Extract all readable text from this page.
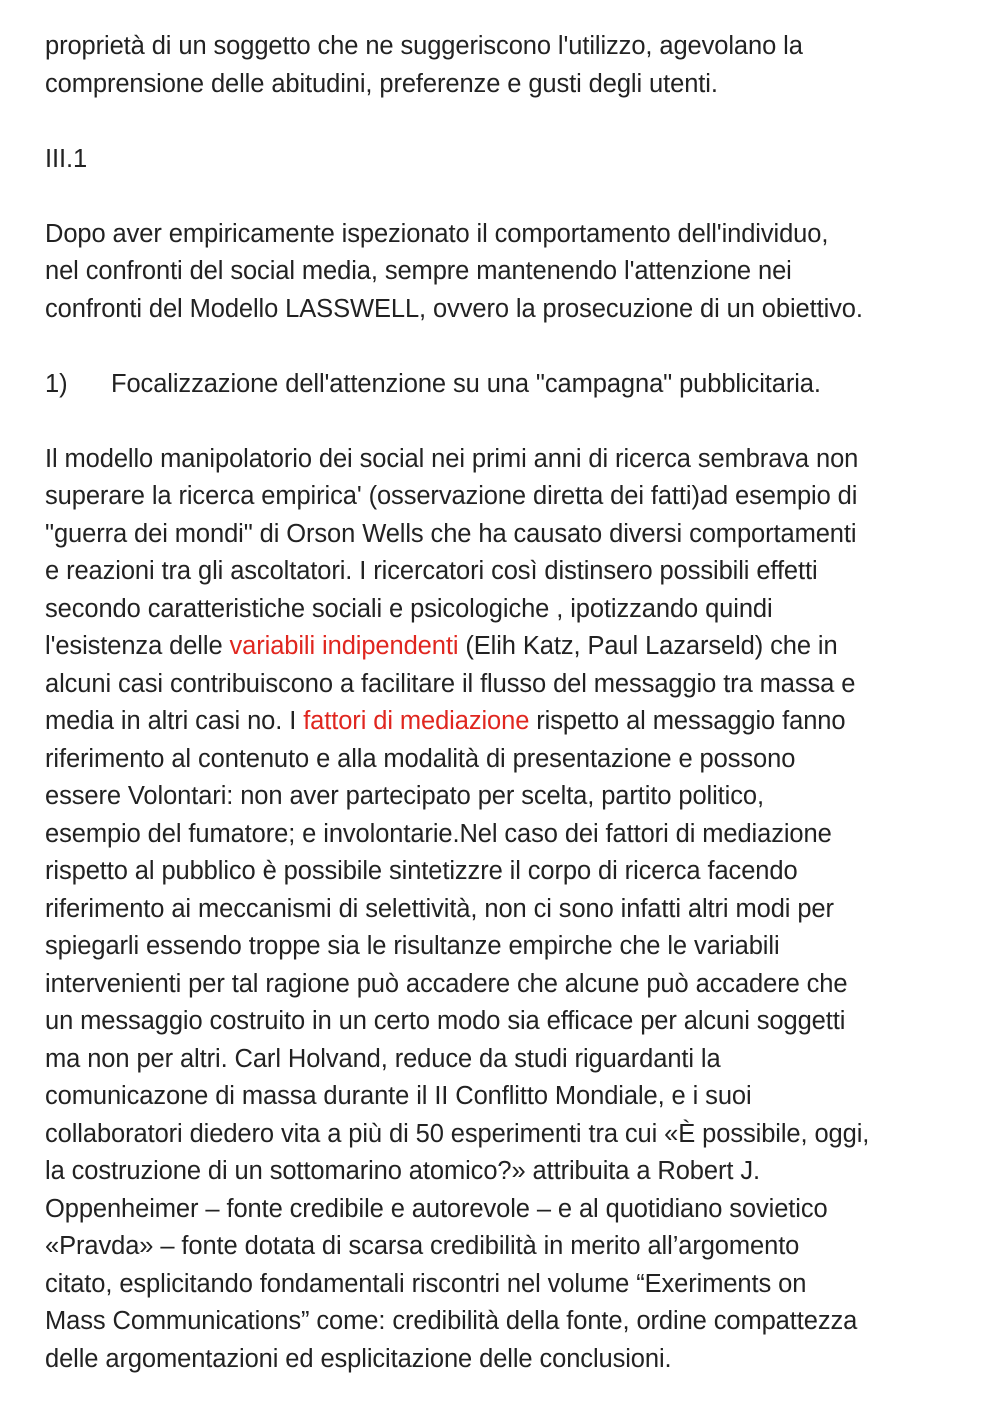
proprietà di un soggetto che ne suggeriscono l'utilizzo, agevolano la
comprensione delle abitudini, preferenze e gusti degli utenti.

III.1

Dopo aver empiricamente ispezionato il comportamento dell'individuo,
nel confronti del social media, sempre mantenendo l'attenzione nei
confronti del Modello LASSWELL, ovvero la prosecuzione di un obiettivo.

1)	Focalizzazione dell'attenzione su una "campagna" pubblicitaria.

Il modello manipolatorio dei social nei primi anni di ricerca sembrava non
superare la ricerca empirica' (osservazione diretta dei fatti)ad esempio di
"guerra dei mondi" di Orson Wells che ha causato diversi comportamenti
e reazioni tra gli ascoltatori. I ricercatori così distinsero possibili effetti
secondo caratteristiche sociali e psicologiche , ipotizzando quindi
l'esistenza delle variabili indipendenti (Elih Katz, Paul Lazarseld) che in
alcuni casi contribuiscono a facilitare il flusso del messaggio tra massa e
media in altri casi no. I fattori di mediazione rispetto al messaggio fanno
riferimento al contenuto e alla modalità di presentazione e possono
essere Volontari: non aver partecipato per scelta, partito politico,
esempio del fumatore; e involontarie.Nel caso dei fattori di mediazione
rispetto al pubblico è possibile sintetizzre il corpo di ricerca facendo
riferimento ai meccanismi di selettività, non ci sono infatti altri modi per
spiegarli essendo troppe sia le risultanze empirche che le variabili
intervenienti per tal ragione può accadere che alcune può accadere che
un messaggio costruito in un certo modo sia efficace per alcuni soggetti
ma non per altri. Carl Holvand, reduce da studi riguardanti la
comunicazone di massa durante il II Conflitto Mondiale, e i suoi
collaboratori diedero vita a più di 50 esperimenti tra cui «È possibile, oggi,
la costruzione di un sottomarino atomico?» attribuita a Robert J.
Oppenheimer – fonte credibile e autorevole – e al quotidiano sovietico
«Pravda» – fonte dotata di scarsa credibilità in merito all’argomento
citato, esplicitando fondamentali riscontri nel volume “Exeriments on
Mass Communications” come: credibilità della fonte, ordine compattezza
delle argomentazioni ed esplicitazione delle conclusioni.
